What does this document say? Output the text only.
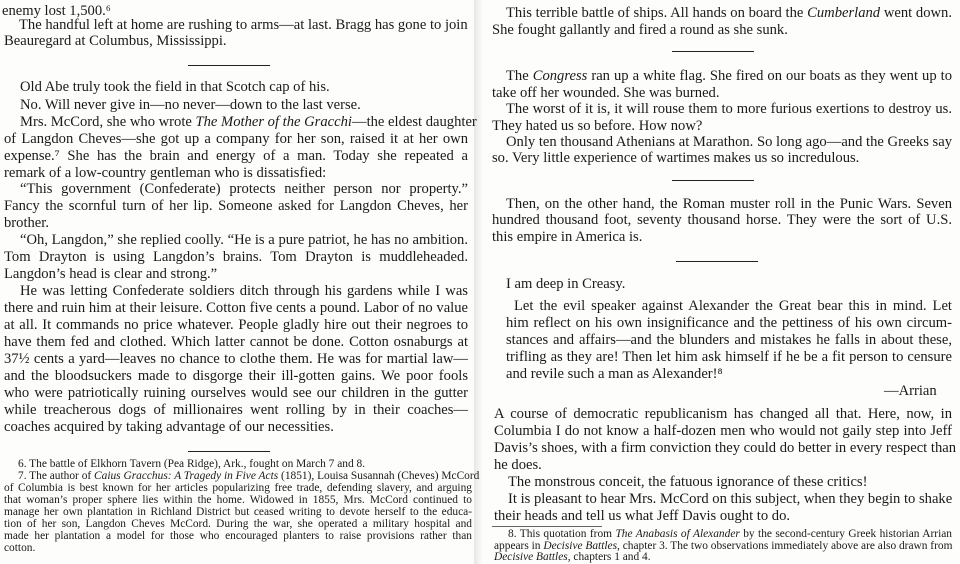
enemy lost 1,500.⁶
The handful left at home are rushing to arms—at last. Bragg has gone to join
Beauregard at Columbus, Mississippi.
Old Abe truly took the field in that Scotch cap of his.
No. Will never give in—no never—down to the last verse.
Mrs. McCord, she who wrote The Mother of the Gracchi—the eldest daughter
of Langdon Cheves—she got up a company for her son, raised it at her own
expense.⁷ She has the brain and energy of a man. Today she repeated a
remark of a low-country gentleman who is dissatisfied:
“This government (Confederate) protects neither person nor property.”
Fancy the scornful turn of her lip. Someone asked for Langdon Cheves, her
brother.
“Oh, Langdon,” she replied coolly. “He is a pure patriot, he has no ambition.
Tom Drayton is using Langdon’s brains. Tom Drayton is muddleheaded.
Langdon’s head is clear and strong.”
He was letting Confederate soldiers ditch through his gardens while I was
there and ruin him at their leisure. Cotton five cents a pound. Labor of no value
at all. It commands no price whatever. People gladly hire out their negroes to
have them fed and clothed. Which latter cannot be done. Cotton osnaburgs at
37½ cents a yard—leaves no chance to clothe them. He was for martial law—
and the bloodsuckers made to disgorge their ill-gotten gains. We poor fools
who were patriotically ruining ourselves would see our children in the gutter
while treacherous dogs of millionaires went rolling by in their coaches—
coaches acquired by taking advantage of our necessities.
6. The battle of Elkhorn Tavern (Pea Ridge), Ark., fought on March 7 and 8.
7. The author of Caius Gracchus: A Tragedy in Five Acts (1851), Louisa Susannah (Cheves) McCord
of Columbia is best known for her articles popularizing free trade, defending slavery, and arguing
that woman’s proper sphere lies within the home. Widowed in 1855, Mrs. McCord continued to
manage her own plantation in Richland District but ceased writing to devote herself to the educa-
tion of her son, Langdon Cheves McCord. During the war, she operated a military hospital and
made her plantation a model for those who encouraged planters to raise provisions rather than
cotton.
This terrible battle of ships. All hands on board the Cumberland went down.
She fought gallantly and fired a round as she sunk.
The Congress ran up a white flag. She fired on our boats as they went up to
take off her wounded. She was burned.
The worst of it is, it will rouse them to more furious exertions to destroy us.
They hated us so before. How now?
Only ten thousand Athenians at Marathon. So long ago—and the Greeks say
so. Very little experience of wartimes makes us so incredulous.
Then, on the other hand, the Roman muster roll in the Punic Wars. Seven
hundred thousand foot, seventy thousand horse. They were the sort of U.S.
this empire in America is.
I am deep in Creasy.
Let the evil speaker against Alexander the Great bear this in mind. Let
him reflect on his own insignificance and the pettiness of his own circum-
stances and affairs—and the blunders and mistakes he falls in about these,
trifling as they are! Then let him ask himself if he be a fit person to censure
and revile such a man as Alexander!⁸
—Arrian
A course of democratic republicanism has changed all that. Here, now, in
Columbia I do not know a half-dozen men who would not gaily step into Jeff
Davis’s shoes, with a firm conviction they could do better in every respect than
he does.
The monstrous conceit, the fatuous ignorance of these critics!
It is pleasant to hear Mrs. McCord on this subject, when they begin to shake
their heads and tell us what Jeff Davis ought to do.
8. This quotation from The Anabasis of Alexander by the second-century Greek historian Arrian
appears in Decisive Battles, chapter 3. The two observations immediately above are also drawn from
Decisive Battles, chapters 1 and 4.
